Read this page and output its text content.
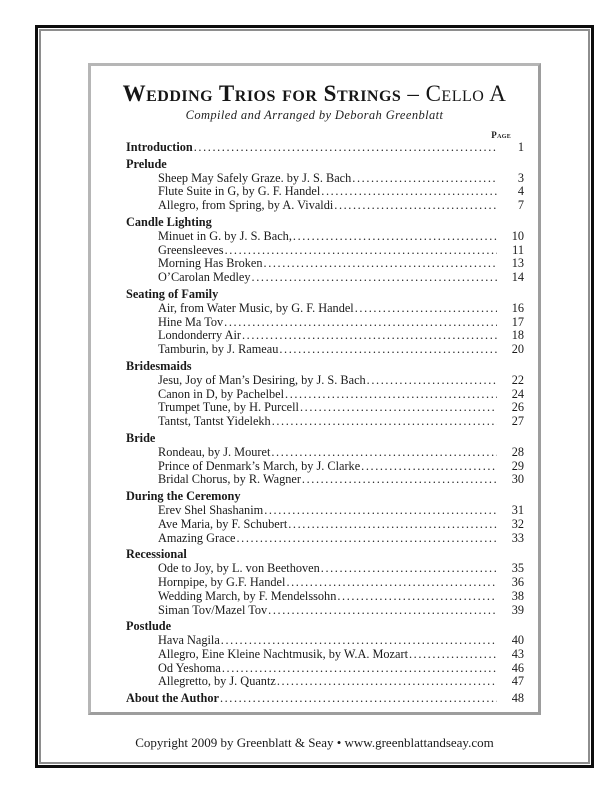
Wedding Trios for Strings – Cello A
Compiled and Arranged by Deborah Greenblatt
Page
Introduction .....	1
Prelude
Sheep May Safely Graze. by J. S. Bach .....	3
Flute Suite in G, by G. F. Handel .....	4
Allegro, from Spring, by A. Vivaldi .....	7
Candle Lighting
Minuet in G. by J. S. Bach, .....	10
Greensleeves .....	11
Morning Has Broken .....	13
O’Carolan Medley .....	14
Seating of Family
Air, from Water Music, by G. F. Handel .....	16
Hine Ma Tov .....	17
Londonderry Air .....	18
Tamburin, by J. Rameau .....	20
Bridesmaids
Jesu, Joy of Man’s Desiring, by J. S. Bach .....	22
Canon in D, by Pachelbel .....	24
Trumpet Tune, by H. Purcell .....	26
Tantst, Tantst Yidelekh .....	27
Bride
Rondeau, by J. Mouret .....	28
Prince of Denmark’s March, by J. Clarke .....	29
Bridal Chorus, by R. Wagner .....	30
During the Ceremony
Erev Shel Shashanim .....	31
Ave Maria, by F. Schubert .....	32
Amazing Grace .....	33
Recessional
Ode to Joy, by L. von Beethoven .....	35
Hornpipe, by G.F. Handel .....	36
Wedding March, by F. Mendelssohn .....	38
Siman Tov/Mazel Tov .....	39
Postlude
Hava Nagila .....	40
Allegro, Eine Kleine Nachtmusik, by W.A. Mozart .....	43
Od Yeshoma .....	46
Allegretto, by J. Quantz .....	47
About the Author .....	48
Copyright 2009 by Greenblatt & Seay • www.greenblattandseay.com
